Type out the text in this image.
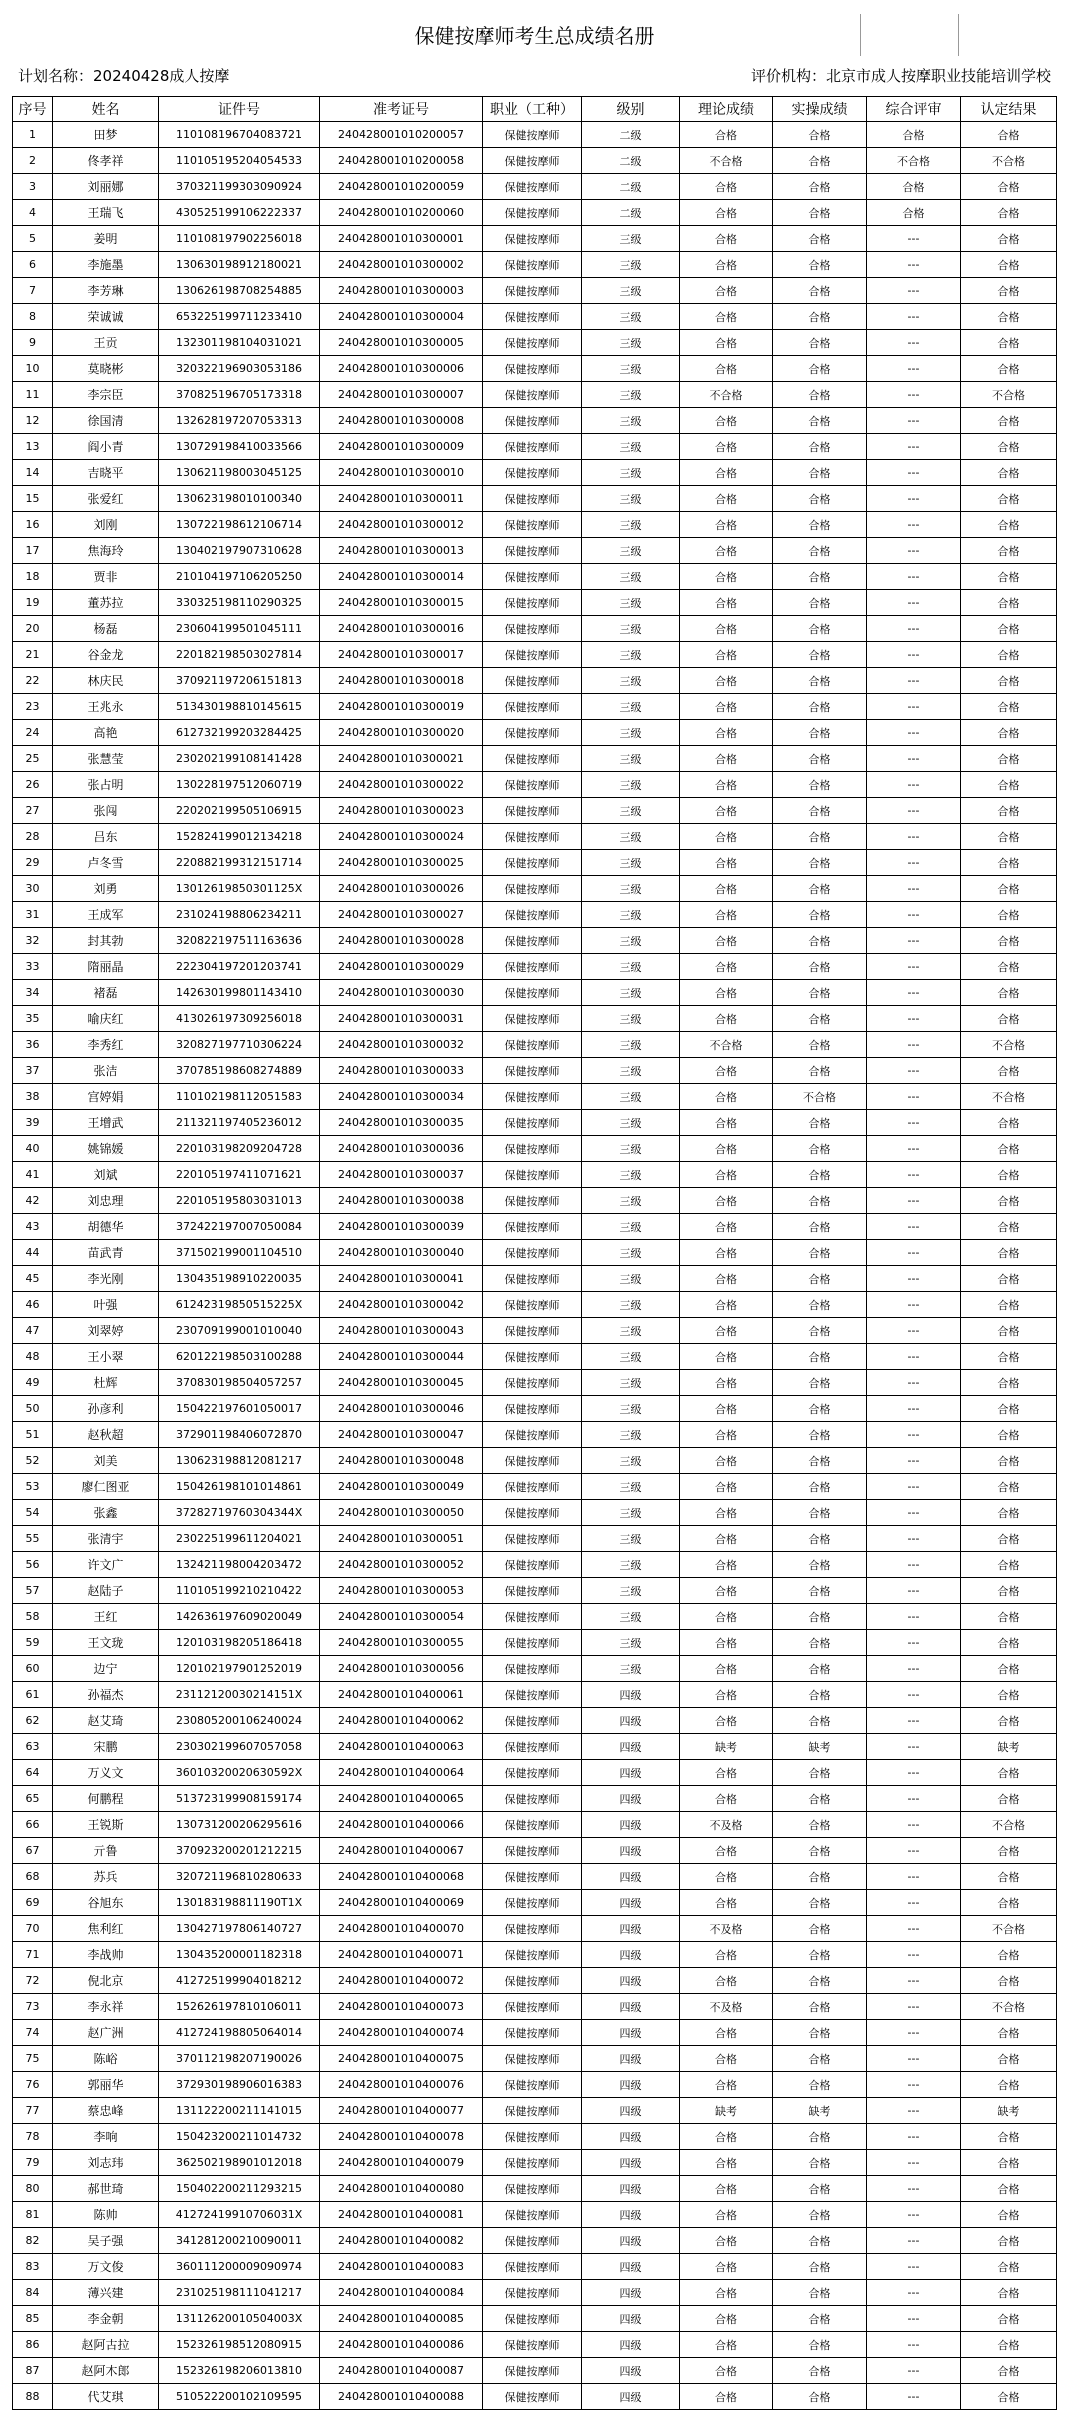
保健按摩师考生总成绩名册
计划名称：20240428成人按摩	评价机构：北京市成人按摩职业技能培训学校
序号	姓名	证件号	准考证号	职业（工种）	级别	理论成绩	实操成绩	综合评审	认定结果
1	田梦	110108196704083721	240428001010200057	保健按摩师	二级	合格	合格	合格	合格
2	佟孝祥	110105195204054533	240428001010200058	保健按摩师	二级	不合格	合格	不合格	不合格
3	刘丽娜	370321199303090924	240428001010200059	保健按摩师	二级	合格	合格	合格	合格
4	王瑞飞	430525199106222337	240428001010200060	保健按摩师	二级	合格	合格	合格	合格
5	姜明	110108197902256018	240428001010300001	保健按摩师	三级	合格	合格	---	合格
6	李施墨	130630198912180021	240428001010300002	保健按摩师	三级	合格	合格	---	合格
7	李芳琳	130626198708254885	240428001010300003	保健按摩师	三级	合格	合格	---	合格
8	荣诚诚	653225199711233410	240428001010300004	保健按摩师	三级	合格	合格	---	合格
9	王贡	132301198104031021	240428001010300005	保健按摩师	三级	合格	合格	---	合格
10	莫晓彬	320322196903053186	240428001010300006	保健按摩师	三级	合格	合格	---	合格
11	李宗臣	370825196705173318	240428001010300007	保健按摩师	三级	不合格	合格	---	不合格
12	徐国清	132628197207053313	240428001010300008	保健按摩师	三级	合格	合格	---	合格
13	阎小青	130729198410033566	240428001010300009	保健按摩师	三级	合格	合格	---	合格
14	吉晓平	130621198003045125	240428001010300010	保健按摩师	三级	合格	合格	---	合格
15	张爱红	130623198010100340	240428001010300011	保健按摩师	三级	合格	合格	---	合格
16	刘刚	130722198612106714	240428001010300012	保健按摩师	三级	合格	合格	---	合格
17	焦海玲	130402197907310628	240428001010300013	保健按摩师	三级	合格	合格	---	合格
18	贾非	210104197106205250	240428001010300014	保健按摩师	三级	合格	合格	---	合格
19	董苏拉	330325198110290325	240428001010300015	保健按摩师	三级	合格	合格	---	合格
20	杨磊	230604199501045111	240428001010300016	保健按摩师	三级	合格	合格	---	合格
21	谷金龙	220182198503027814	240428001010300017	保健按摩师	三级	合格	合格	---	合格
22	林庆民	370921197206151813	240428001010300018	保健按摩师	三级	合格	合格	---	合格
23	王兆永	513430198810145615	240428001010300019	保健按摩师	三级	合格	合格	---	合格
24	高艳	612732199203284425	240428001010300020	保健按摩师	三级	合格	合格	---	合格
25	张慧莹	230202199108141428	240428001010300021	保健按摩师	三级	合格	合格	---	合格
26	张占明	130228197512060719	240428001010300022	保健按摩师	三级	合格	合格	---	合格
27	张闯	220202199505106915	240428001010300023	保健按摩师	三级	合格	合格	---	合格
28	吕东	152824199012134218	240428001010300024	保健按摩师	三级	合格	合格	---	合格
29	卢冬雪	220882199312151714	240428001010300025	保健按摩师	三级	合格	合格	---	合格
30	刘勇	13012619850301125X	240428001010300026	保健按摩师	三级	合格	合格	---	合格
31	王成军	231024198806234211	240428001010300027	保健按摩师	三级	合格	合格	---	合格
32	封其勃	320822197511163636	240428001010300028	保健按摩师	三级	合格	合格	---	合格
33	隋丽晶	222304197201203741	240428001010300029	保健按摩师	三级	合格	合格	---	合格
34	褚磊	142630199801143410	240428001010300030	保健按摩师	三级	合格	合格	---	合格
35	喻庆红	413026197309256018	240428001010300031	保健按摩师	三级	合格	合格	---	合格
36	李秀红	320827197710306224	240428001010300032	保健按摩师	三级	不合格	合格	---	不合格
37	张洁	370785198608274889	240428001010300033	保健按摩师	三级	合格	合格	---	合格
38	宫婷娟	110102198112051583	240428001010300034	保健按摩师	三级	合格	不合格	---	不合格
39	王增武	211321197405236012	240428001010300035	保健按摩师	三级	合格	合格	---	合格
40	姚锦媛	220103198209204728	240428001010300036	保健按摩师	三级	合格	合格	---	合格
41	刘斌	220105197411071621	240428001010300037	保健按摩师	三级	合格	合格	---	合格
42	刘忠理	220105195803031013	240428001010300038	保健按摩师	三级	合格	合格	---	合格
43	胡德华	372422197007050084	240428001010300039	保健按摩师	三级	合格	合格	---	合格
44	苗武青	371502199001104510	240428001010300040	保健按摩师	三级	合格	合格	---	合格
45	李光刚	130435198910220035	240428001010300041	保健按摩师	三级	合格	合格	---	合格
46	叶强	61242319850515225X	240428001010300042	保健按摩师	三级	合格	合格	---	合格
47	刘翠婷	230709199001010040	240428001010300043	保健按摩师	三级	合格	合格	---	合格
48	王小翠	620122198503100288	240428001010300044	保健按摩师	三级	合格	合格	---	合格
49	杜辉	370830198504057257	240428001010300045	保健按摩师	三级	合格	合格	---	合格
50	孙彦利	150422197601050017	240428001010300046	保健按摩师	三级	合格	合格	---	合格
51	赵秋超	372901198406072870	240428001010300047	保健按摩师	三级	合格	合格	---	合格
52	刘美	130623198812081217	240428001010300048	保健按摩师	三级	合格	合格	---	合格
53	廖仁图亚	150426198101014861	240428001010300049	保健按摩师	三级	合格	合格	---	合格
54	张鑫	37282719760304344X	240428001010300050	保健按摩师	三级	合格	合格	---	合格
55	张清宇	230225199611204021	240428001010300051	保健按摩师	三级	合格	合格	---	合格
56	许文广	132421198004203472	240428001010300052	保健按摩师	三级	合格	合格	---	合格
57	赵陆子	110105199210210422	240428001010300053	保健按摩师	三级	合格	合格	---	合格
58	王红	142636197609020049	240428001010300054	保健按摩师	三级	合格	合格	---	合格
59	王文珑	120103198205186418	240428001010300055	保健按摩师	三级	合格	合格	---	合格
60	边宁	120102197901252019	240428001010300056	保健按摩师	三级	合格	合格	---	合格
61	孙福杰	23112120030214151X	240428001010400061	保健按摩师	四级	合格	合格	---	合格
62	赵艾琦	230805200106240024	240428001010400062	保健按摩师	四级	合格	合格	---	合格
63	宋鹏	230302199607057058	240428001010400063	保健按摩师	四级	缺考	缺考	---	缺考
64	万义文	36010320020630592X	240428001010400064	保健按摩师	四级	合格	合格	---	合格
65	何鹏程	513723199908159174	240428001010400065	保健按摩师	四级	合格	合格	---	合格
66	王锐斯	130731200206295616	240428001010400066	保健按摩师	四级	不及格	合格	---	不合格
67	亓鲁	370923200201212215	240428001010400067	保健按摩师	四级	合格	合格	---	合格
68	苏兵	320721196810280633	240428001010400068	保健按摩师	四级	合格	合格	---	合格
69	谷旭东	130183198811190T1X	240428001010400069	保健按摩师	四级	合格	合格	---	合格
70	焦利红	130427197806140727	240428001010400070	保健按摩师	四级	不及格	合格	---	不合格
71	李战帅	130435200001182318	240428001010400071	保健按摩师	四级	合格	合格	---	合格
72	倪北京	412725199904018212	240428001010400072	保健按摩师	四级	合格	合格	---	合格
73	李永祥	152626197810106011	240428001010400073	保健按摩师	四级	不及格	合格	---	不合格
74	赵广洲	412724198805064014	240428001010400074	保健按摩师	四级	合格	合格	---	合格
75	陈峪	370112198207190026	240428001010400075	保健按摩师	四级	合格	合格	---	合格
76	郭丽华	372930198906016383	240428001010400076	保健按摩师	四级	合格	合格	---	合格
77	蔡忠峰	131122200211141015	240428001010400077	保健按摩师	四级	缺考	缺考	---	缺考
78	李响	150423200211014732	240428001010400078	保健按摩师	四级	合格	合格	---	合格
79	刘志玮	362502198901012018	240428001010400079	保健按摩师	四级	合格	合格	---	合格
80	郝世琦	150402200211293215	240428001010400080	保健按摩师	四级	合格	合格	---	合格
81	陈帅	41272419910706031X	240428001010400081	保健按摩师	四级	合格	合格	---	合格
82	吴子强	341281200210090011	240428001010400082	保健按摩师	四级	合格	合格	---	合格
83	万文俊	360111200009090974	240428001010400083	保健按摩师	四级	合格	合格	---	合格
84	薄兴建	231025198111041217	240428001010400084	保健按摩师	四级	合格	合格	---	合格
85	李金朝	13112620010504003X	240428001010400085	保健按摩师	四级	合格	合格	---	合格
86	赵阿古拉	152326198512080915	240428001010400086	保健按摩师	四级	合格	合格	---	合格
87	赵阿木郎	152326198206013810	240428001010400087	保健按摩师	四级	合格	合格	---	合格
88	代艾琪	510522200102109595	240428001010400088	保健按摩师	四级	合格	合格	---	合格
